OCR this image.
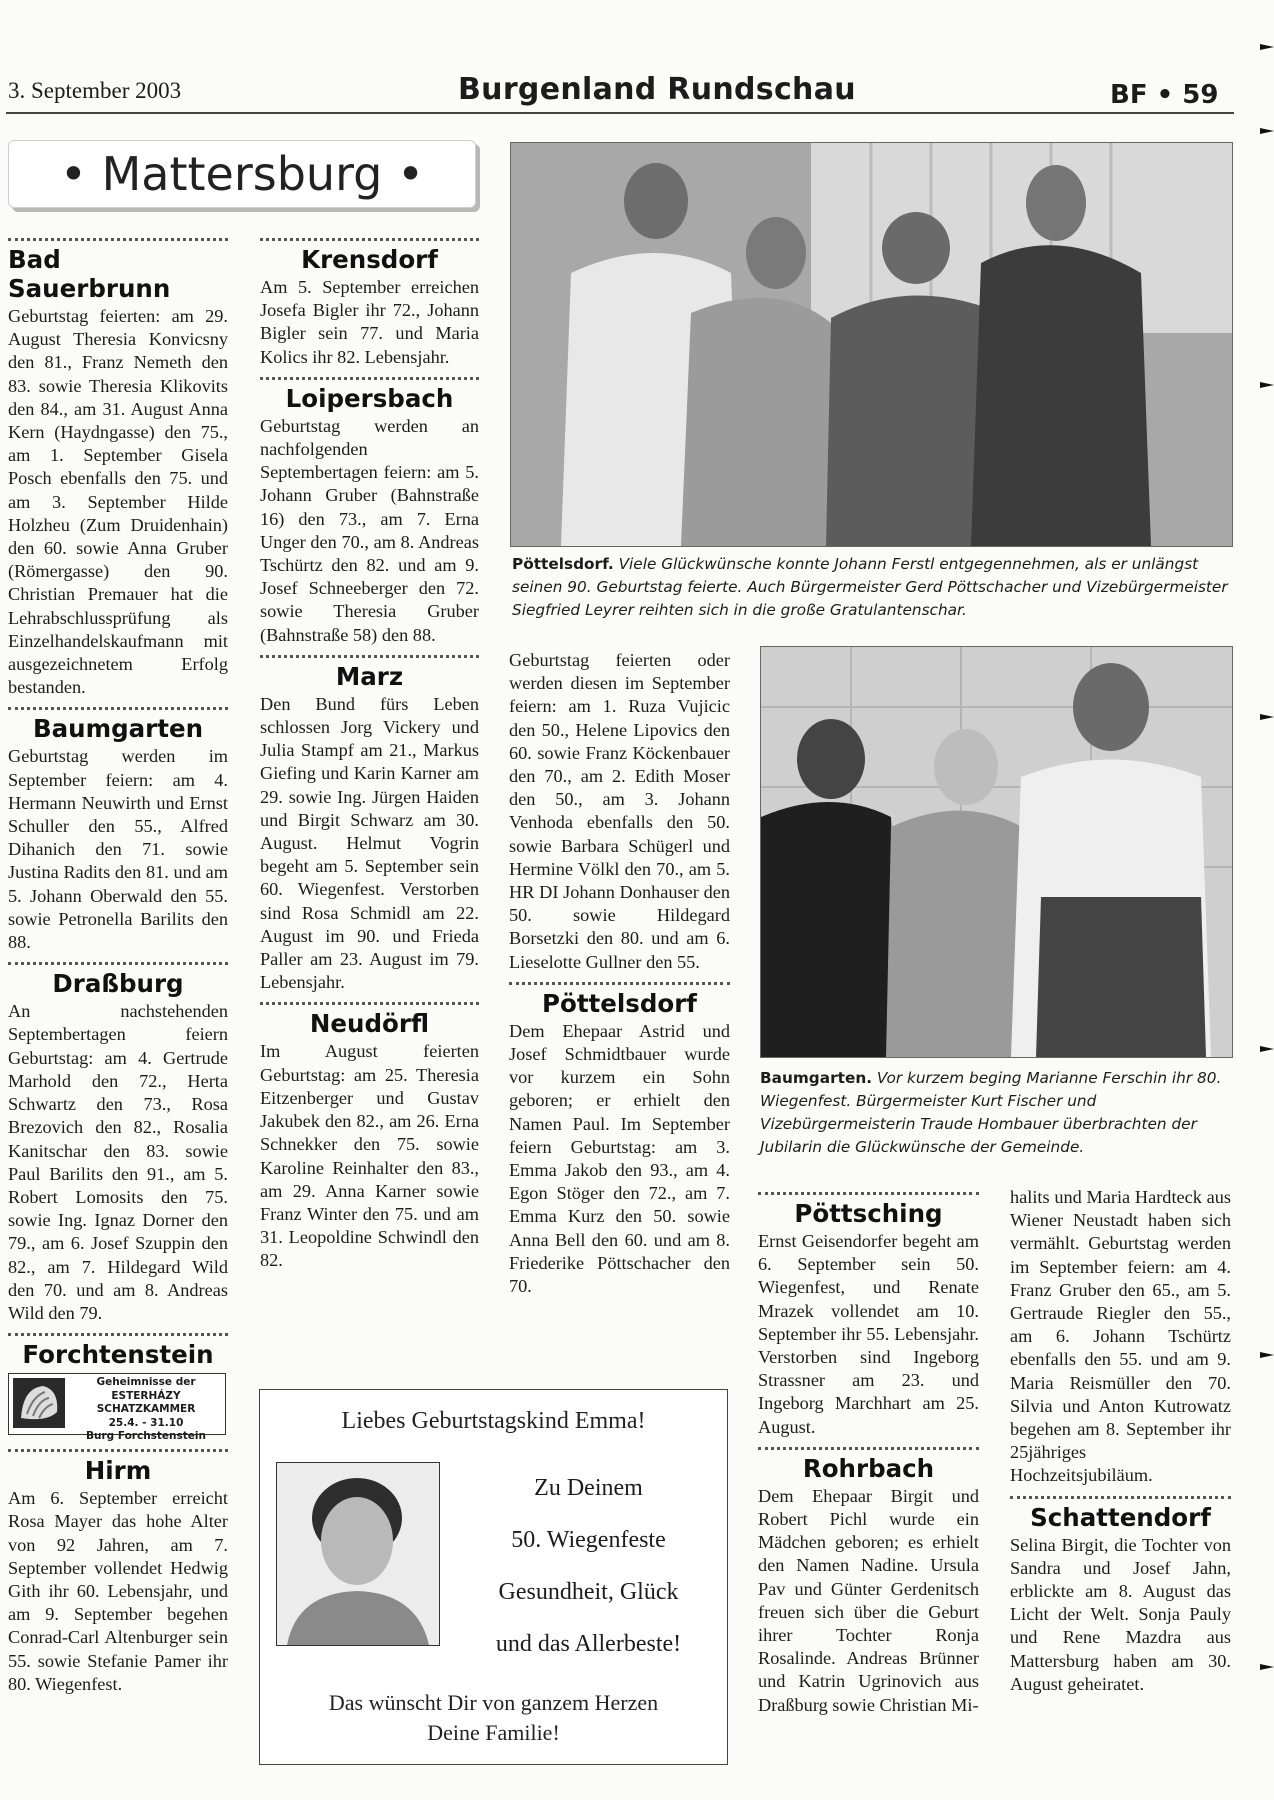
3. September 2003	Burgenland Rundschau	BF • 59
• Mattersburg •
Bad Sauerbrunn

Geburtstag feierten: am 29. August Theresia Konvicsny den 81., Franz Nemeth den 83. sowie Theresia Klikovits den 84., am 31. August Anna Kern (Haydngasse) den 75., am 1. September Gisela Posch ebenfalls den 75. und am 3. September Hilde Holzheu (Zum Druidenhain) den 60. sowie Anna Gruber (Römergasse) den 90. Christian Premauer hat die Lehrabschlussprüfung als Einzelhandelskaufmann mit ausgezeichnetem Erfolg bestanden.

Baumgarten

Geburtstag werden im September feiern: am 4. Hermann Neuwirth und Ernst Schuller den 55., Alfred Dihanich den 71. sowie Justina Radits den 81. und am 5. Johann Oberwald den 55. sowie Petronella Barilits den 88.

Draßburg

An nachstehenden Septembertagen feiern Geburtstag: am 4. Gertrude Marhold den 72., Herta Schwartz den 73., Rosa Brezovich den 82., Rosalia Kanitschar den 83. sowie Paul Barilits den 91., am 5. Robert Lomosits den 75. sowie Ing. Ignaz Dorner den 79., am 6. Josef Szuppin den 82., am 7. Hildegard Wild den 70. und am 8. Andreas Wild den 79.

Forchtenstein
Geheimnisse der
ESTERHÁZY SCHATZKAMMER
25.4. - 31.10
Burg Forchstenstein
Hirm

Am 6. September erreicht Rosa Mayer das hohe Alter von 92 Jahren, am 7. September vollendet Hedwig Gith ihr 60. Lebensjahr, und am 9. September begehen Conrad-Carl Altenburger sein 55. sowie Stefanie Pamer ihr 80. Wiegenfest.

Krensdorf

Am 5. September erreichen Josefa Bigler ihr 72., Johann Bigler sein 77. und Maria Kolics ihr 82. Lebensjahr.

Loipersbach

Geburtstag werden an nachfolgenden Septembertagen feiern: am 5. Johann Gruber (Bahnstraße 16) den 73., am 7. Erna Unger den 70., am 8. Andreas Tschürtz den 82. und am 9. Josef Schneeberger den 72. sowie Theresia Gruber (Bahnstraße 58) den 88.

Marz

Den Bund fürs Leben schlossen Jorg Vickery und Julia Stampf am 21., Markus Giefing und Karin Karner am 29. sowie Ing. Jürgen Haiden und Birgit Schwarz am 30. August. Helmut Vogrin begeht am 5. September sein 60. Wiegenfest. Verstorben sind Rosa Schmidl am 22. August im 90. und Frieda Paller am 23. August im 79. Lebensjahr.

Neudörfl

Im August feierten Geburtstag: am 25. Theresia Eitzenberger und Gustav Jakubek den 82., am 26. Erna Schnekker den 75. sowie Karoline Reinhalter den 83., am 29. Anna Karner sowie Franz Winter den 75. und am 31. Leopoldine Schwindl den 82.

Pöttelsdorf. Viele Glückwünsche konnte Johann Ferstl entgegennehmen, als er unlängst seinen 90. Geburtstag feierte. Auch Bürgermeister Gerd Pöttschacher und Vizebürgermeister Siegfried Leyrer reihten sich in die große Gratulantenschar.

Geburtstag feierten oder werden diesen im September feiern: am 1. Ruza Vujicic den 50., Helene Lipovics den 60. sowie Franz Köckenbauer den 70., am 2. Edith Moser den 50., am 3. Johann Venhoda ebenfalls den 50. sowie Barbara Schügerl und Hermine Völkl den 70., am 5. HR DI Johann Donhauser den 50. sowie Hildegard Borsetzki den 80. und am 6. Lieselotte Gullner den 55.

Pöttelsdorf

Dem Ehepaar Astrid und Josef Schmidtbauer wurde vor kurzem ein Sohn geboren; er erhielt den Namen Paul. Im September feiern Geburtstag: am 3. Emma Jakob den 93., am 4. Egon Stöger den 72., am 7. Emma Kurz den 50. sowie Anna Bell den 60. und am 8. Friederike Pöttschacher den 70.

Baumgarten. Vor kurzem beging Marianne Ferschin ihr 80. Wiegenfest. Bürgermeister Kurt Fischer und Vizebürgermeisterin Traude Hombauer überbrachten der Jubilarin die Glückwünsche der Gemeinde.
Pöttsching

Ernst Geisendorfer begeht am 6. September sein 50. Wiegenfest, und Renate Mrazek vollendet am 10. September ihr 55. Lebensjahr. Verstorben sind Ingeborg Strassner am 23. und Ingeborg Marchhart am 25. August.

Rohrbach

Dem Ehepaar Birgit und Robert Pichl wurde ein Mädchen geboren; es erhielt den Namen Nadine. Ursula Pav und Günter Gerdenitsch freuen sich über die Geburt ihrer Tochter Ronja Rosalinde. Andreas Brünner und Katrin Ugrinovich aus Draßburg sowie Christian Mi-

halits und Maria Hardteck aus Wiener Neustadt haben sich vermählt. Geburtstag werden im September feiern: am 4. Franz Gruber den 65., am 5. Gertraude Riegler den 55., am 6. Johann Tschürtz ebenfalls den 55. und am 9. Maria Reismüller den 70. Silvia und Anton Kutrowatz begehen am 8. September ihr 25jähriges Hochzeitsjubiläum.

Schattendorf

Selina Birgit, die Tochter von Sandra und Josef Jahn, erblickte am 8. August das Licht der Welt. Sonja Pauly und Rene Mazdra aus Mattersburg haben am 30. August geheiratet.

Liebes Geburtstagskind Emma!
Zu Deinem
50. Wiegenfeste
Gesundheit, Glück
und das Allerbeste!
Das wünscht Dir von ganzem Herzen
Deine Familie!
